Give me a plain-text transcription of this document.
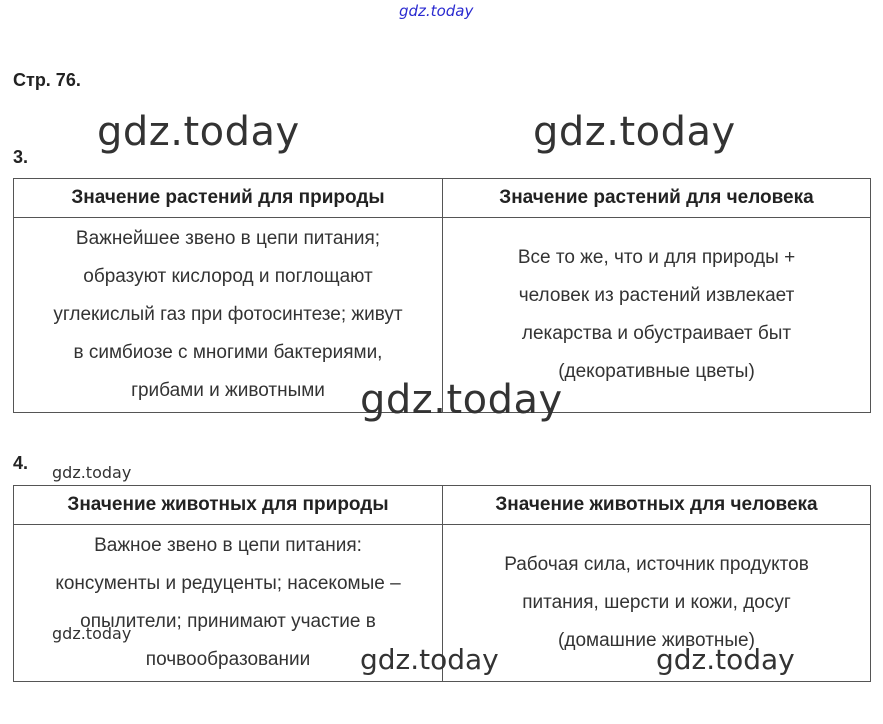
gdz.today
Стр. 76.
gdz.today	gdz.today
3.
Значение растений для природы	Значение растений для человека

Важнейшее звено в цепи питания;
образуют кислород и поглощают
углекислый газ при фотосинтезе; живут
в симбиозе с многими бактериями,
грибами и животными	Все то же, что и для природы +
человек из растений извлекает
лекарства и обустраивает быт
(декоративные цветы)
gdz.today
4. gdz.today
Значение животных для природы	Значение животных для человека

Важное звено в цепи питания:
консументы и редуценты; насекомые –
опылители; принимают участие в
почвообразовании	Рабочая сила, источник продуктов
питания, шерсти и кожи, досуг
(домашние животные)
gdz.today
gdz.today	gdz.today
